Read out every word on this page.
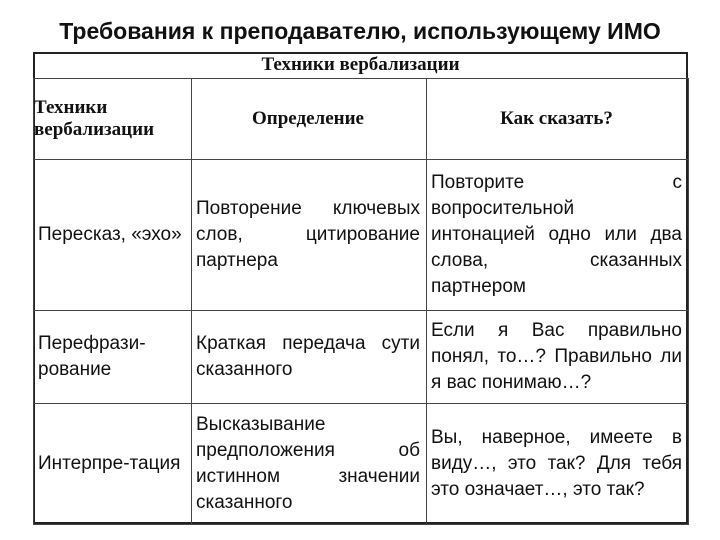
Требования к преподавателю, использующему ИМО
Техники вербализации
Техники вербализации	Определение	Как сказать?
Пересказ, «эхо»	Повторение ключевых слов, цитирование партнера	Повторите с вопросительной интонацией одно или два слова, сказанных партнером
Перефрази-рование	Краткая передача сути сказанного	Если я Вас правильно понял, то…? Правильно ли я вас понимаю…?
Интерпре-тация	Высказывание предположения об истинном значении сказанного	Вы, наверное, имеете в виду…, это так? Для тебя это означает…, это так?
